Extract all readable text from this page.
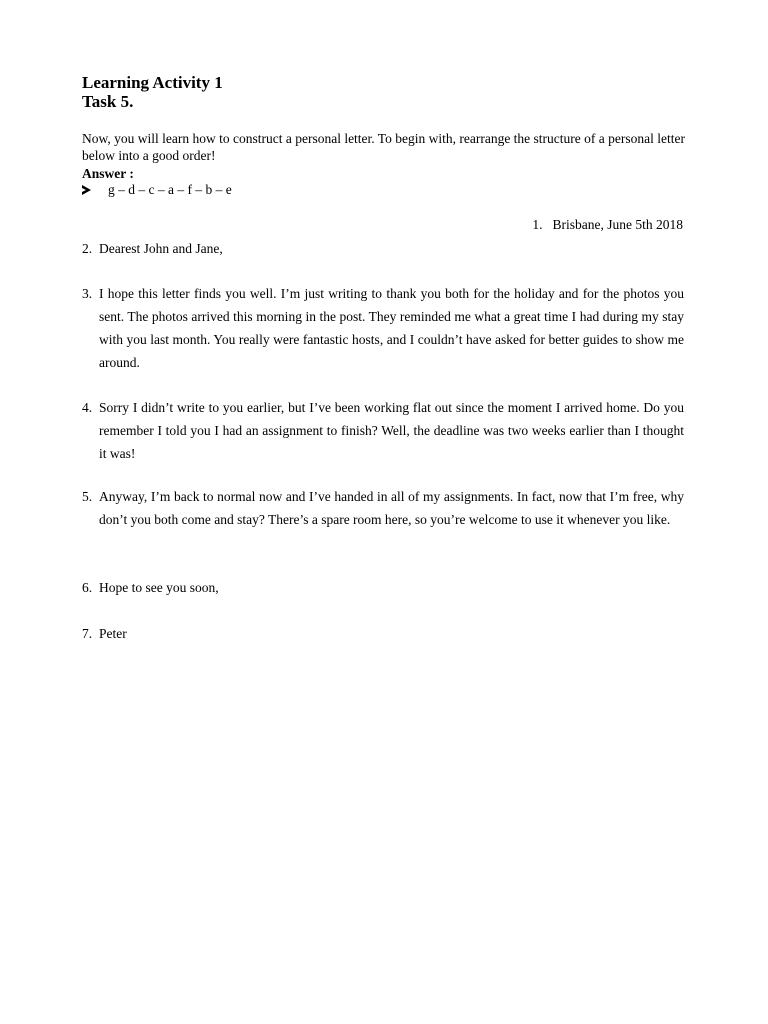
Learning Activity 1
Task 5.

Now, you will learn how to construct a personal letter. To begin with, rearrange the structure of a personal letter below into a good order!

Answer :
g – d – c – a – f – b – e
1. Brisbane, June 5th 2018
2. Dearest John and Jane,
3. I hope this letter finds you well. I’m just writing to thank you both for the holiday and for the photos you sent. The photos arrived this morning in the post. They reminded me what a great time I had during my stay with you last month. You really were fantastic hosts, and I couldn’t have asked for better guides to show me around.
4. Sorry I didn’t write to you earlier, but I’ve been working flat out since the moment I arrived home. Do you remember I told you I had an assignment to finish? Well, the deadline was two weeks earlier than I thought it was!
5. Anyway, I’m back to normal now and I’ve handed in all of my assignments. In fact, now that I’m free, why don’t you both come and stay? There’s a spare room here, so you’re welcome to use it whenever you like.
6. Hope to see you soon,
7. Peter
